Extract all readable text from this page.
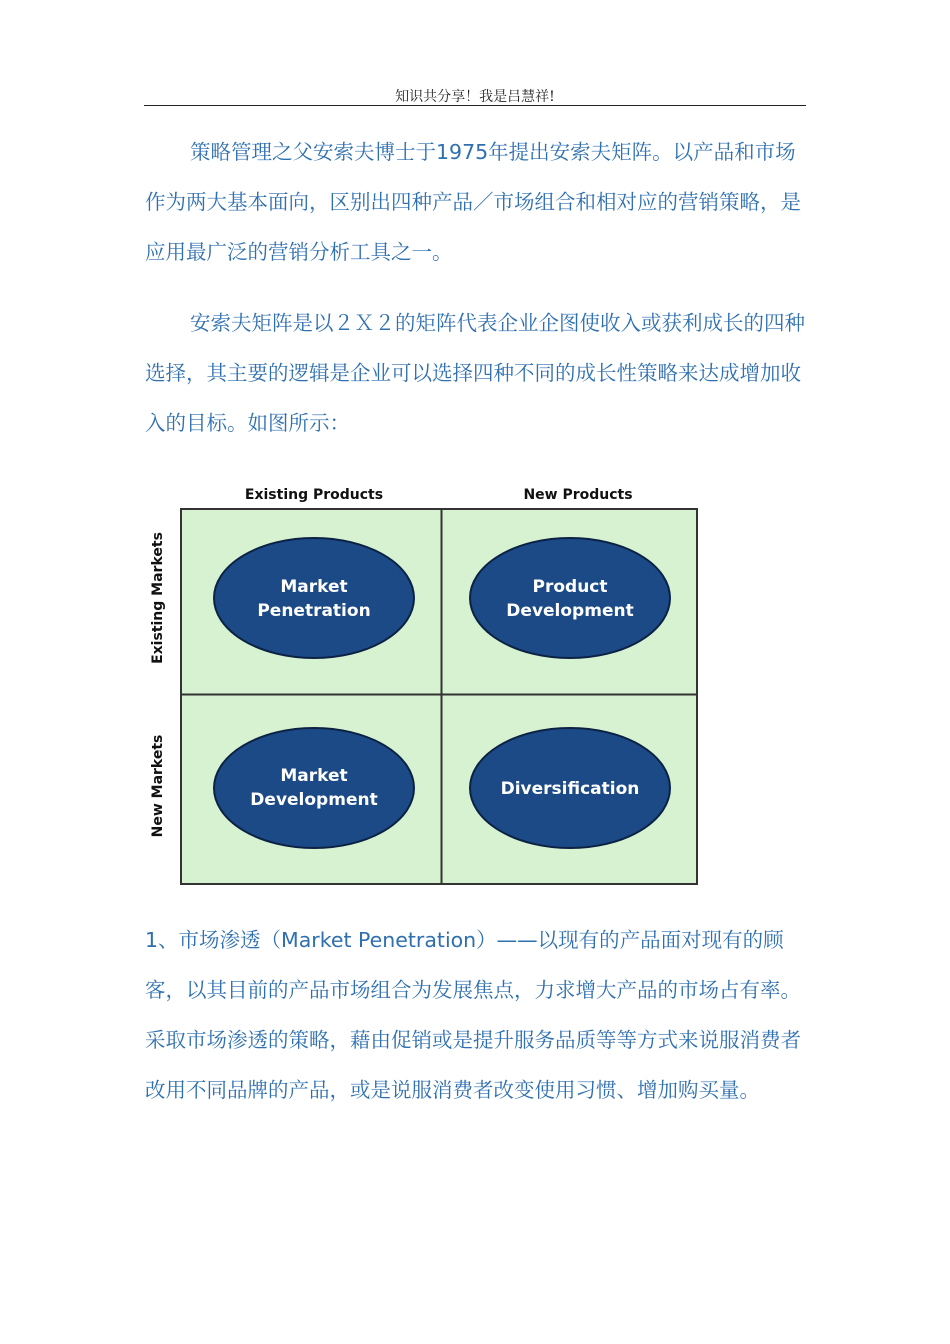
知识共分享！我是吕慧祥!

策略管理之父安索夫博士于1975年提出安索夫矩阵。以产品和市场作为两大基本面向，区别出四种产品／市场组合和相对应的营销策略，是应用最广泛的营销分析工具之一。

安索夫矩阵是以２Ｘ２的矩阵代表企业企图使收入或获利成长的四种选择，其主要的逻辑是企业可以选择四种不同的成长性策略来达成增加收入的目标。如图所示：

Existing Products	New Products
Existing Markets
New Markets
Market
Penetration
Product
Development
Market
Development
Diversification

1、市场渗透（Market Penetration）——以现有的产品面对现有的顾客，以其目前的产品市场组合为发展焦点，力求增大产品的市场占有率。采取市场渗透的策略，藉由促销或是提升服务品质等等方式来说服消费者改用不同品牌的产品，或是说服消费者改变使用习惯、增加购买量。
